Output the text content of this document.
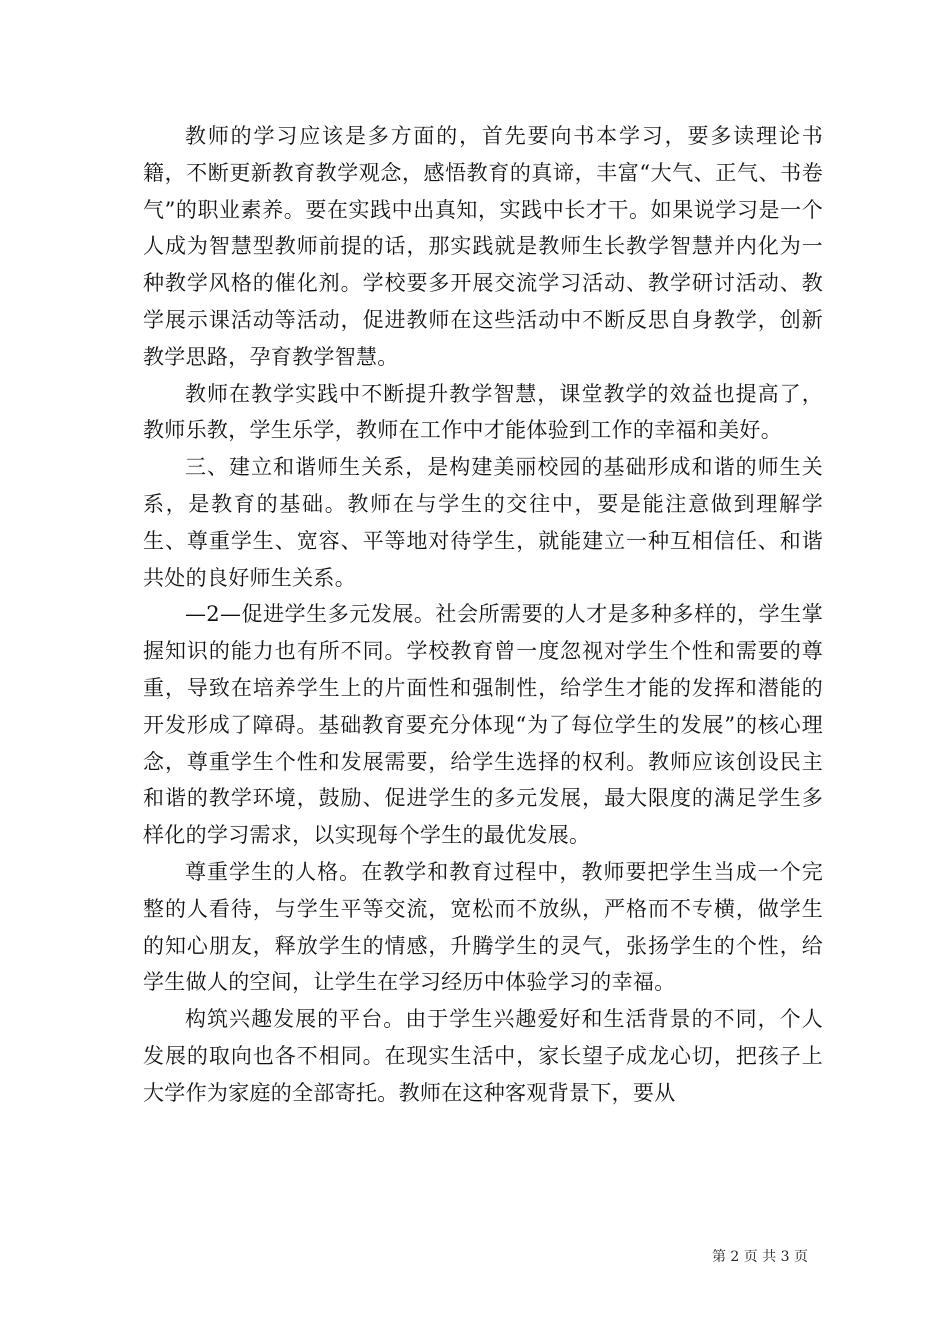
教师的学习应该是多方面的，首先要向书本学习，要多读理论书籍，不断更新教育教学观念，感悟教育的真谛，丰富“大气、正气、书卷气”的职业素养。要在实践中出真知，实践中长才干。如果说学习是一个人成为智慧型教师前提的话，那实践就是教师生长教学智慧并内化为一种教学风格的催化剂。学校要多开展交流学习活动、教学研讨活动、教学展示课活动等活动，促进教师在这些活动中不断反思自身教学，创新教学思路，孕育教学智慧。

教师在教学实践中不断提升教学智慧，课堂教学的效益也提高了，教师乐教，学生乐学，教师在工作中才能体验到工作的幸福和美好。

三、建立和谐师生关系，是构建美丽校园的基础形成和谐的师生关系，是教育的基础。教师在与学生的交往中，要是能注意做到理解学生、尊重学生、宽容、平等地对待学生，就能建立一种互相信任、和谐共处的良好师生关系。

—2—促进学生多元发展。社会所需要的人才是多种多样的，学生掌握知识的能力也有所不同。学校教育曾一度忽视对学生个性和需要的尊重，导致在培养学生上的片面性和强制性，给学生才能的发挥和潜能的开发形成了障碍。基础教育要充分体现“为了每位学生的发展”的核心理念，尊重学生个性和发展需要，给学生选择的权利。教师应该创设民主和谐的教学环境，鼓励、促进学生的多元发展，最大限度的满足学生多样化的学习需求，以实现每个学生的最优发展。

尊重学生的人格。在教学和教育过程中，教师要把学生当成一个完整的人看待，与学生平等交流，宽松而不放纵，严格而不专横，做学生的知心朋友，释放学生的情感，升腾学生的灵气，张扬学生的个性，给学生做人的空间，让学生在学习经历中体验学习的幸福。

构筑兴趣发展的平台。由于学生兴趣爱好和生活背景的不同，个人发展的取向也各不相同。在现实生活中，家长望子成龙心切，把孩子上大学作为家庭的全部寄托。教师在这种客观背景下，要从

第 2 页 共 3 页
